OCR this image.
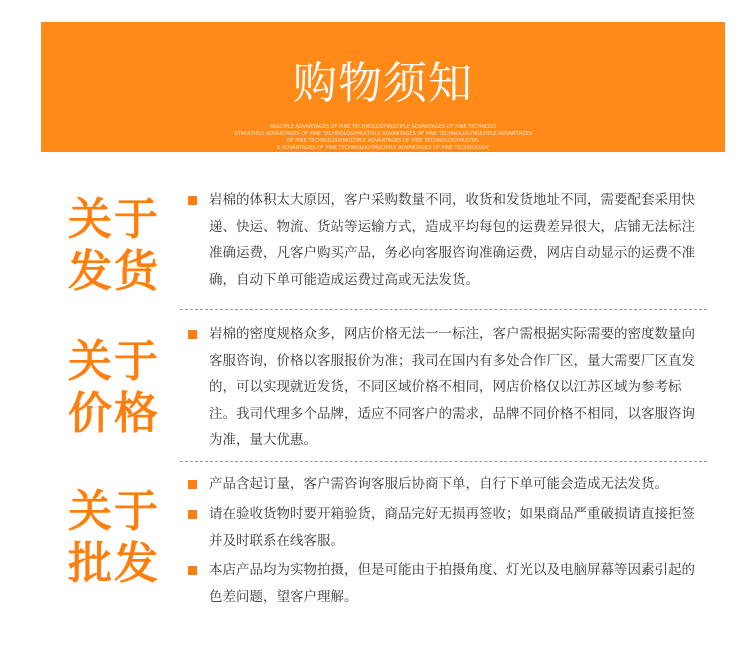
购物须知
MULTIPLE ADVANTAGES OF PINE TECHNOLOGYMULTIPLE ADVANTAGES OF PINE TECHNOLO
GYMULTIPLE ADVANTAGES OF PINE TECHNOLOGYMULTIPLE ADVANTAGES OF PINE TECHNOLOGYMULTIPLE ADVANTAGES
OF PINE TECHNOLOGYMULTIPLE ADVANTAGES OF PINE TECHNOLOGYMULTIPL
E ADVANTAGES OF PINE TECHNOLOGYMULTIPLE ADVANTAGES OF PINE TECHNOLOGY
关于
发货
岩棉的体积太大原因，客户采购数量不同，收货和发货地址不同，需要配套采用快递、快运、物流、货站等运输方式，造成平均每包的运费差异很大，店铺无法标注准确运费，凡客户购买产品，务必向客服咨询准确运费，网店自动显示的运费不准确，自动下单可能造成运费过高或无法发货。
关于
价格
岩棉的密度规格众多，网店价格无法一一标注，客户需根据实际需要的密度数量向客服咨询，价格以客服报价为准；我司在国内有多处合作厂区，量大需要厂区直发的，可以实现就近发货，不同区域价格不相同，网店价格仅以江苏区域为参考标注。我司代理多个品牌，适应不同客户的需求，品牌不同价格不相同，以客服咨询为准，量大优惠。
关于
批发
产品含起订量，客户需咨询客服后协商下单，自行下单可能会造成无法发货。
请在验收货物时要开箱验货，商品完好无损再签收；如果商品严重破损请直接拒签并及时联系在线客服。
本店产品均为实物拍摄，但是可能由于拍摄角度、灯光以及电脑屏幕等因素引起的色差问题，望客户理解。
